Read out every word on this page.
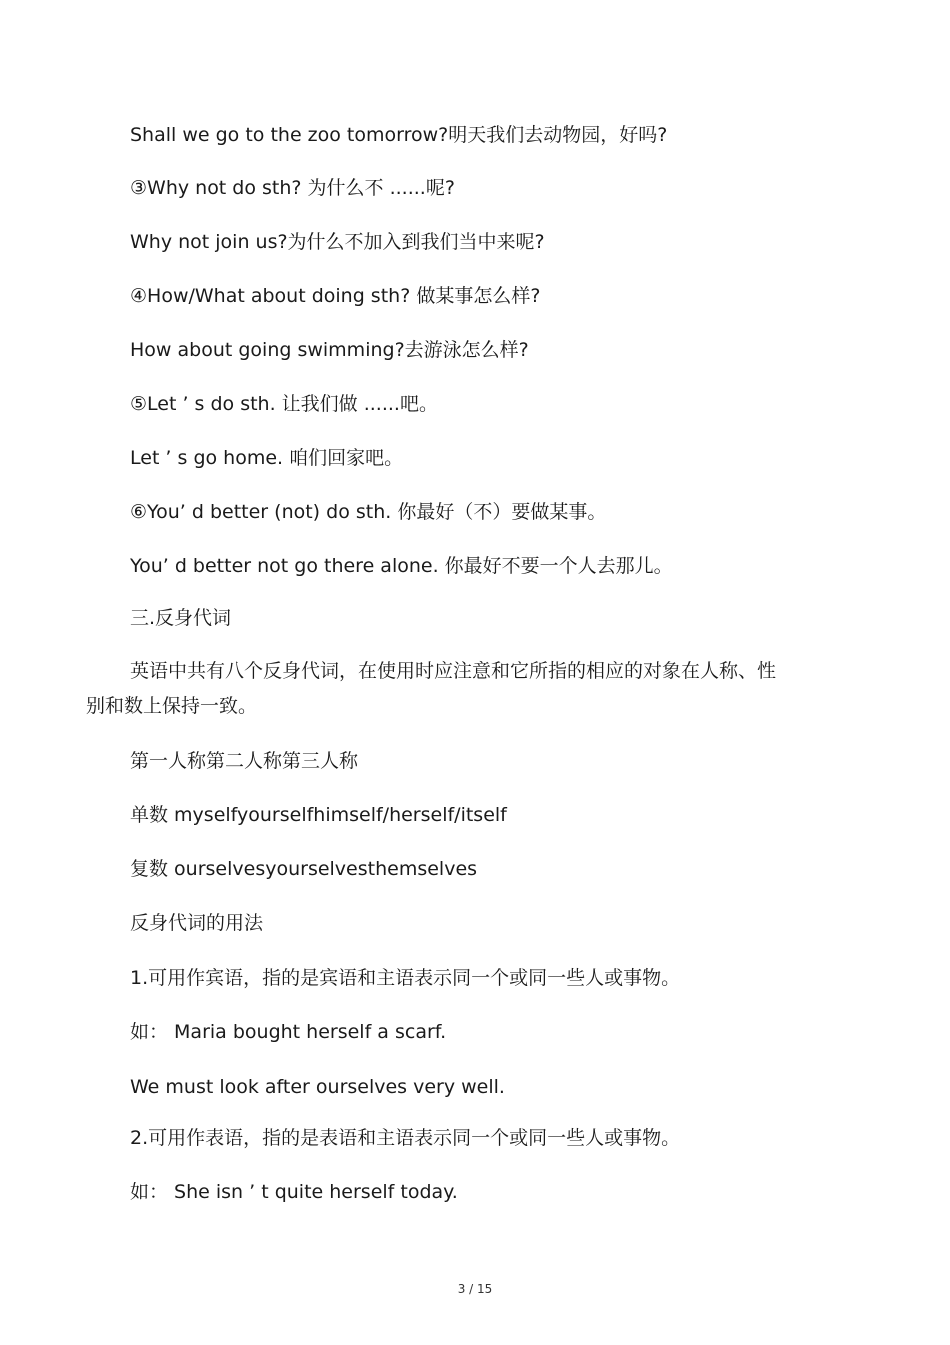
Shall we go to the zoo tomorrow?明天我们去动物园，好吗?
③Why not do sth? 为什么不 ......呢?
Why not join us?为什么不加入到我们当中来呢?
④How/What about doing sth? 做某事怎么样?
How about going swimming?去游泳怎么样?
⑤Let ’ s do sth. 让我们做 ......吧。
Let ’ s go home. 咱们回家吧。
⑥You’ d better (not) do sth. 你最好（不）要做某事。
You’ d better not go there alone. 你最好不要一个人去那儿。
三.反身代词
英语中共有八个反身代词，在使用时应注意和它所指的相应的对象在人称、性别和数上保持一致。
第一人称第二人称第三人称
单数 myselfyourselfhimself/herself/itself
复数 ourselvesyourselvesthemselves
反身代词的用法
1.可用作宾语，指的是宾语和主语表示同一个或同一些人或事物。
如： Maria bought herself a scarf.
We must look after ourselves very well.
2.可用作表语，指的是表语和主语表示同一个或同一些人或事物。
如： She isn ’ t quite herself today.
3 / 15
